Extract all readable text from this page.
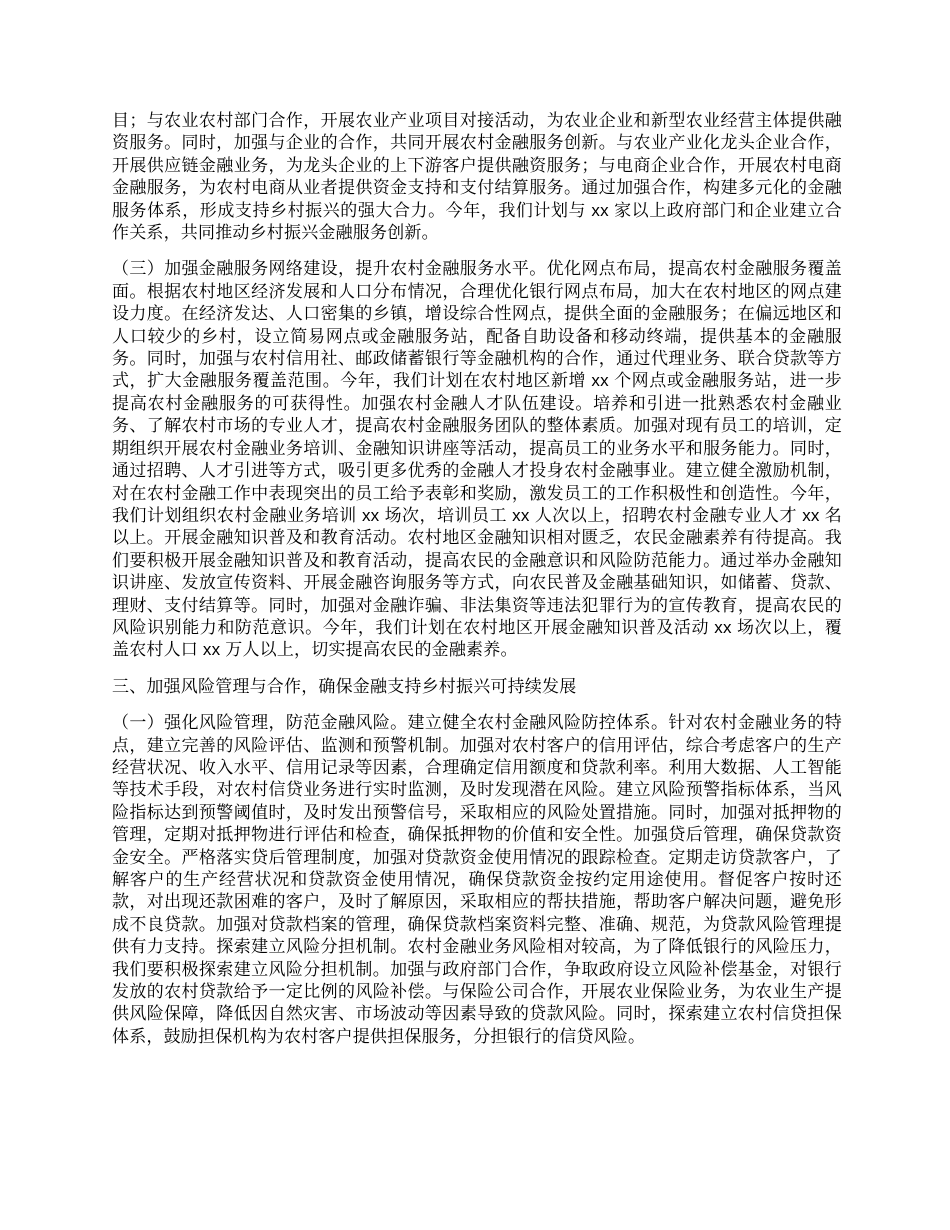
目；与农业农村部门合作，开展农业产业项目对接活动，为农业企业和新型农业经营主体提供融资服务。同时，加强与企业的合作，共同开展农村金融服务创新。与农业产业化龙头企业合作，开展供应链金融业务，为龙头企业的上下游客户提供融资服务；与电商企业合作，开展农村电商金融服务，为农村电商从业者提供资金支持和支付结算服务。通过加强合作，构建多元化的金融服务体系，形成支持乡村振兴的强大合力。今年，我们计划与 xx 家以上政府部门和企业建立合作关系，共同推动乡村振兴金融服务创新。

（三）加强金融服务网络建设，提升农村金融服务水平。优化网点布局，提高农村金融服务覆盖面。根据农村地区经济发展和人口分布情况，合理优化银行网点布局，加大在农村地区的网点建设力度。在经济发达、人口密集的乡镇，增设综合性网点，提供全面的金融服务；在偏远地区和人口较少的乡村，设立简易网点或金融服务站，配备自助设备和移动终端，提供基本的金融服务。同时，加强与农村信用社、邮政储蓄银行等金融机构的合作，通过代理业务、联合贷款等方式，扩大金融服务覆盖范围。今年，我们计划在农村地区新增 xx 个网点或金融服务站，进一步提高农村金融服务的可获得性。加强农村金融人才队伍建设。培养和引进一批熟悉农村金融业务、了解农村市场的专业人才，提高农村金融服务团队的整体素质。加强对现有员工的培训，定期组织开展农村金融业务培训、金融知识讲座等活动，提高员工的业务水平和服务能力。同时，通过招聘、人才引进等方式，吸引更多优秀的金融人才投身农村金融事业。建立健全激励机制，对在农村金融工作中表现突出的员工给予表彰和奖励，激发员工的工作积极性和创造性。今年，我们计划组织农村金融业务培训 xx 场次，培训员工 xx 人次以上，招聘农村金融专业人才 xx 名以上。开展金融知识普及和教育活动。农村地区金融知识相对匮乏，农民金融素养有待提高。我们要积极开展金融知识普及和教育活动，提高农民的金融意识和风险防范能力。通过举办金融知识讲座、发放宣传资料、开展金融咨询服务等方式，向农民普及金融基础知识，如储蓄、贷款、理财、支付结算等。同时，加强对金融诈骗、非法集资等违法犯罪行为的宣传教育，提高农民的风险识别能力和防范意识。今年，我们计划在农村地区开展金融知识普及活动 xx 场次以上，覆盖农村人口 xx 万人以上，切实提高农民的金融素养。

三、加强风险管理与合作，确保金融支持乡村振兴可持续发展

（一）强化风险管理，防范金融风险。建立健全农村金融风险防控体系。针对农村金融业务的特点，建立完善的风险评估、监测和预警机制。加强对农村客户的信用评估，综合考虑客户的生产经营状况、收入水平、信用记录等因素，合理确定信用额度和贷款利率。利用大数据、人工智能等技术手段，对农村信贷业务进行实时监测，及时发现潜在风险。建立风险预警指标体系，当风险指标达到预警阈值时，及时发出预警信号，采取相应的风险处置措施。同时，加强对抵押物的管理，定期对抵押物进行评估和检查，确保抵押物的价值和安全性。加强贷后管理，确保贷款资金安全。严格落实贷后管理制度，加强对贷款资金使用情况的跟踪检查。定期走访贷款客户，了解客户的生产经营状况和贷款资金使用情况，确保贷款资金按约定用途使用。督促客户按时还款，对出现还款困难的客户，及时了解原因，采取相应的帮扶措施，帮助客户解决问题，避免形成不良贷款。加强对贷款档案的管理，确保贷款档案资料完整、准确、规范，为贷款风险管理提供有力支持。探索建立风险分担机制。农村金融业务风险相对较高，为了降低银行的风险压力，我们要积极探索建立风险分担机制。加强与政府部门合作，争取政府设立风险补偿基金，对银行发放的农村贷款给予一定比例的风险补偿。与保险公司合作，开展农业保险业务，为农业生产提供风险保障，降低因自然灾害、市场波动等因素导致的贷款风险。同时，探索建立农村信贷担保体系，鼓励担保机构为农村客户提供担保服务，分担银行的信贷风险。
